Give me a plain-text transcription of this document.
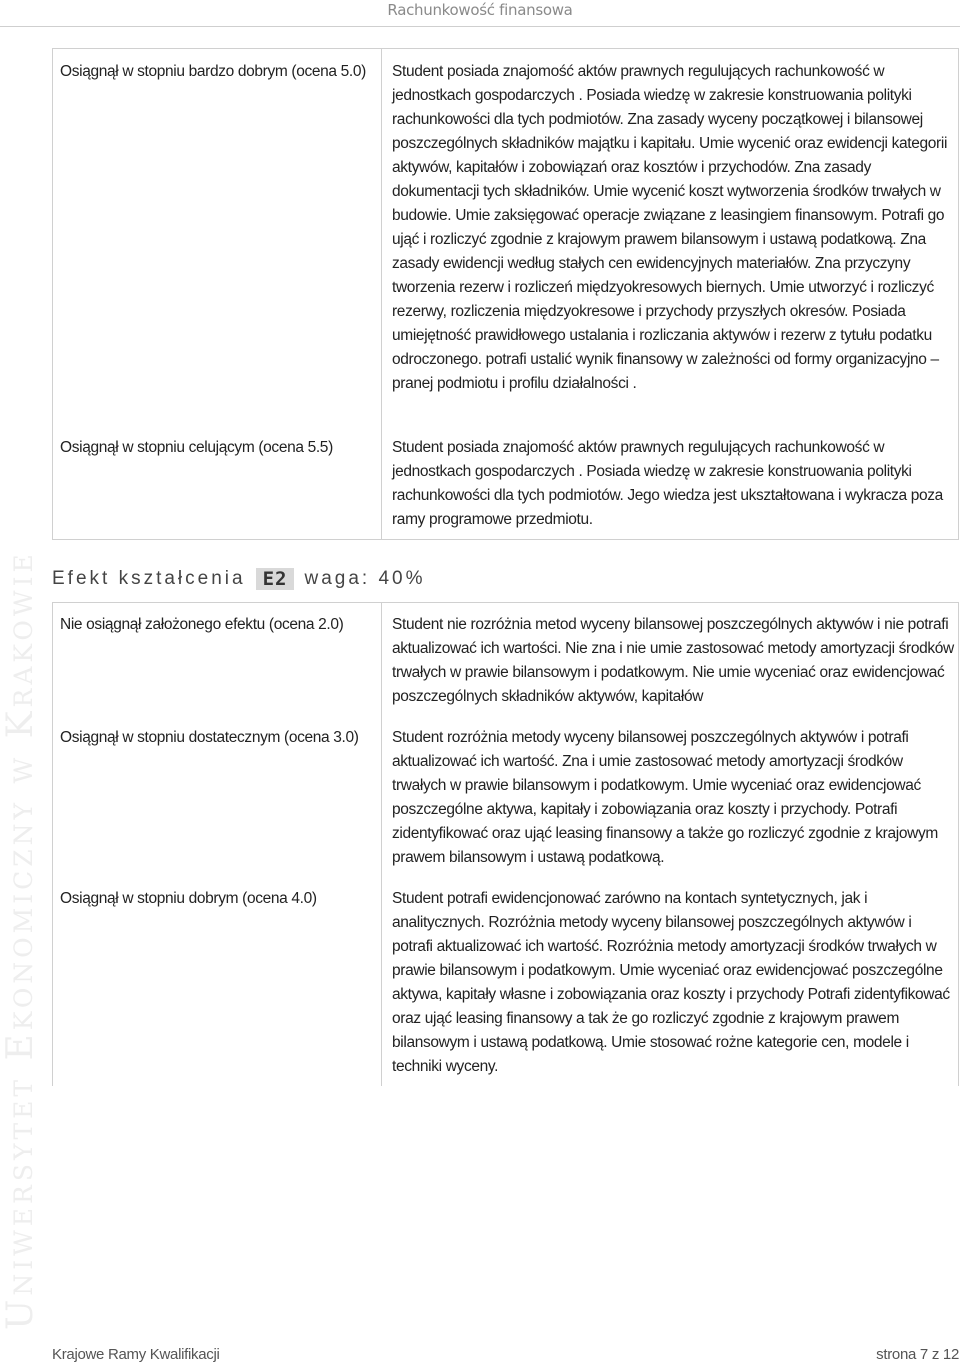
Rachunkowość finansowa
Uniwersytet Ekonomiczny w Krakowie
Osiągnął w stopniu bardzo dobrym (ocena 5.0)	Student posiada znajomość aktów prawnych regulujących rachunkowość w jednostkach gospodarczych . Posiada wiedzę w zakresie konstruowania polityki rachunkowości dla tych podmiotów. Zna zasady wyceny początkowej i bilansowej poszczególnych składników majątku i kapitału. Umie wycenić oraz ewidencji kategorii aktywów, kapitałów i zobowiązań oraz kosztów i przychodów. Zna zasady dokumentacji tych składników. Umie wycenić koszt wytworzenia środków trwałych w budowie. Umie zaksięgować operacje związane z leasingiem finansowym. Potrafi go ująć i rozliczyć zgodnie z krajowym prawem bilansowym i ustawą podatkową. Zna zasady ewidencji według stałych cen ewidencyjnych materiałów. Zna przyczyny tworzenia rezerw i rozliczeń międzyokresowych biernych. Umie utworzyć i rozliczyć rezerwy, rozliczenia międzyokresowe i przychody przyszłych okresów. Posiada umiejętność prawidłowego ustalania i rozliczania aktywów i rezerw z tytułu podatku odroczonego. potrafi ustalić wynik finansowy w zależności od formy organizacyjno –pranej podmiotu i profilu działalności .
Osiągnął w stopniu celującym (ocena 5.5)	Student posiada znajomość aktów prawnych regulujących rachunkowość w jednostkach gospodarczych . Posiada wiedzę w zakresie konstruowania polityki rachunkowości dla tych podmiotów. Jego wiedza jest ukształtowana i wykracza poza ramy programowe przedmiotu.
Efekt kształcenia E2 waga: 40%
Nie osiągnął założonego efektu (ocena 2.0)	Student nie rozróżnia metod wyceny bilansowej poszczególnych aktywów i nie potrafi aktualizować ich wartości. Nie zna i nie umie zastosować metody amortyzacji środków trwałych w prawie bilansowym i podatkowym. Nie umie wyceniać oraz ewidencjować poszczególnych składników aktywów, kapitałów
Osiągnął w stopniu dostatecznym (ocena 3.0)	Student rozróżnia metody wyceny bilansowej poszczególnych aktywów i potrafi aktualizować ich wartość. Zna i umie zastosować metody amortyzacji środków trwałych w prawie bilansowym i podatkowym. Umie wyceniać oraz ewidencjować poszczególne aktywa, kapitały i zobowiązania oraz koszty i przychody. Potrafi zidentyfikować oraz ująć leasing finansowy a także go rozliczyć zgodnie z krajowym prawem bilansowym i ustawą podatkową.
Osiągnął w stopniu dobrym (ocena 4.0)	Student potrafi ewidencjonować zarówno na kontach syntetycznych, jak i analitycznych. Rozróżnia metody wyceny bilansowej poszczególnych aktywów i potrafi aktualizować ich wartość. Rozróżnia metody amortyzacji środków trwałych w prawie bilansowym i podatkowym. Umie wyceniać oraz ewidencjować poszczególne aktywa, kapitały własne i zobowiązania oraz koszty i przychody Potrafi zidentyfikować oraz ująć leasing finansowy a tak że go rozliczyć zgodnie z krajowym prawem bilansowym i ustawą podatkową. Umie stosować rożne kategorie cen, modele i techniki wyceny.
Krajowe Ramy Kwalifikacji	strona 7 z 12
